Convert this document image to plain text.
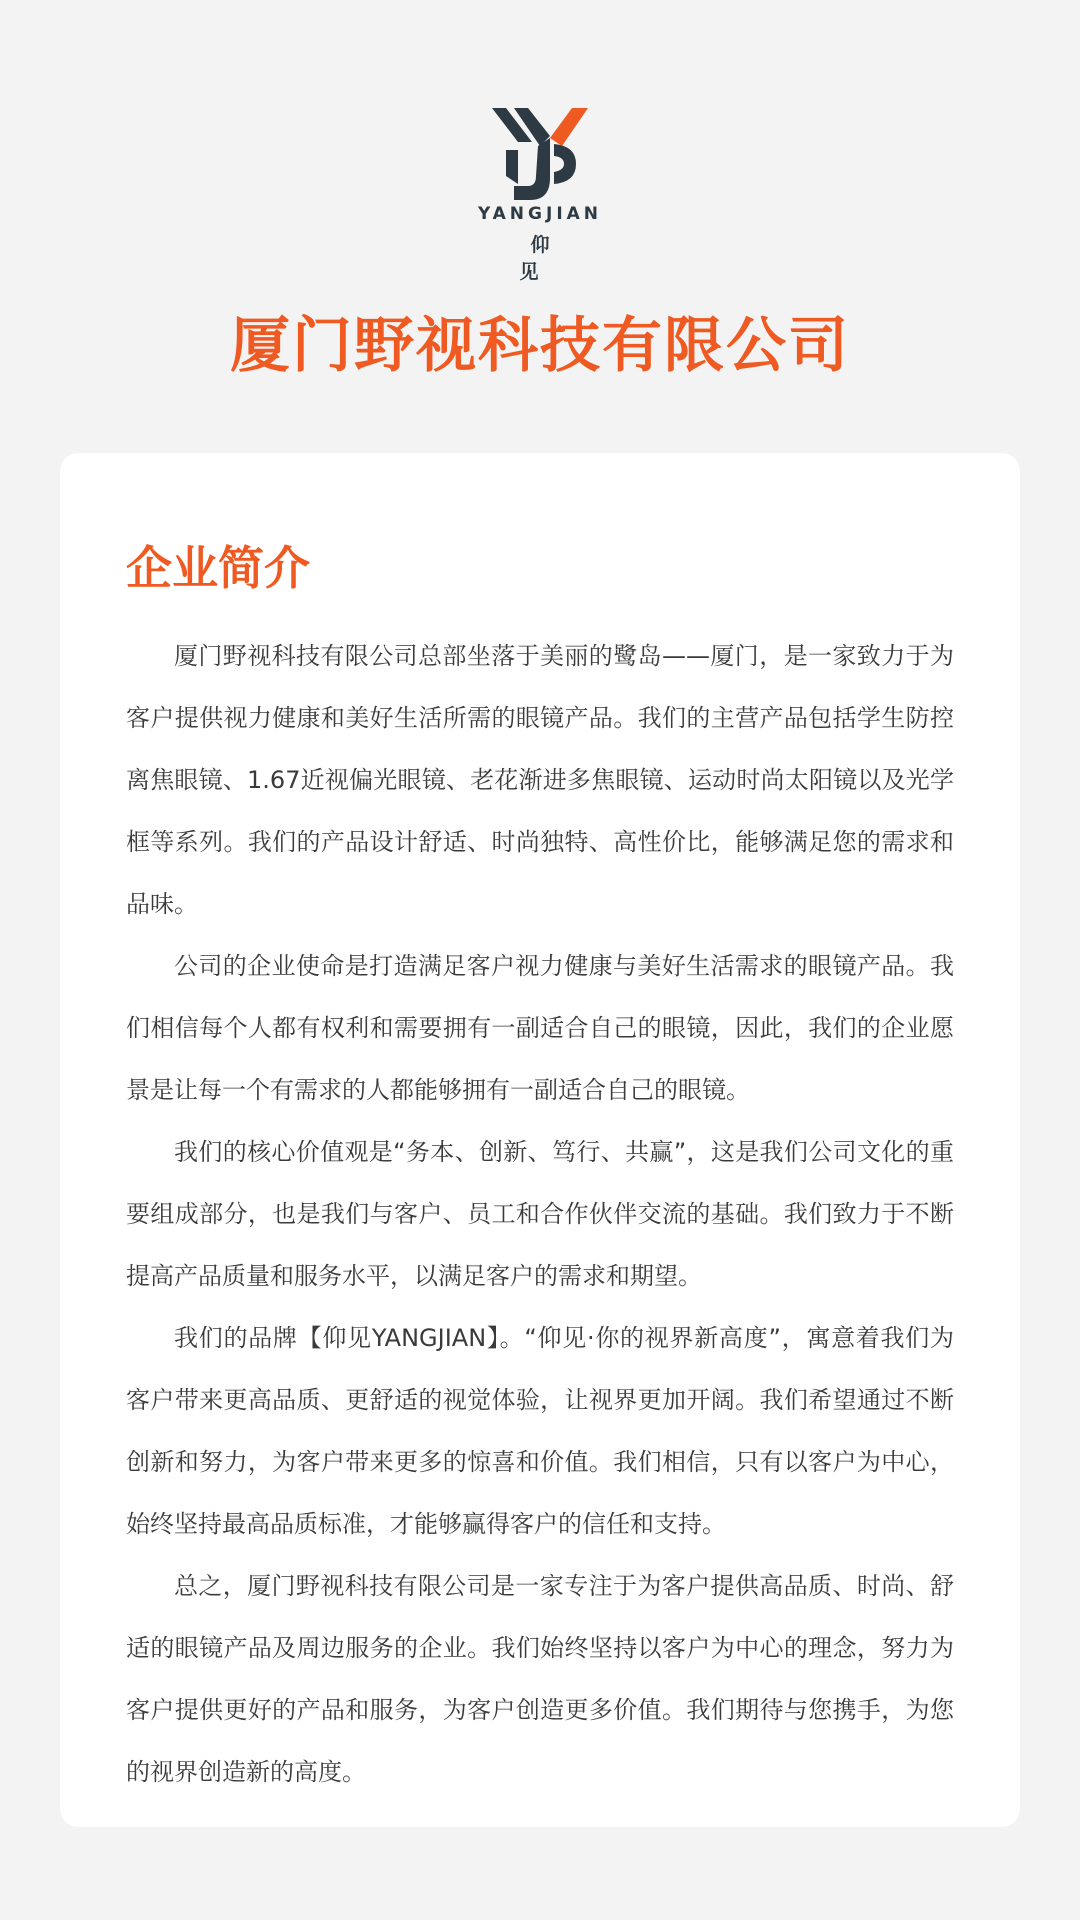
YANGJIAN
仰 见
厦门野视科技有限公司
企业简介

厦门野视科技有限公司总部坐落于美丽的鹭岛——厦门，是一家致力于为客户提供视力健康和美好生活所需的眼镜产品。我们的主营产品包括学生防控离焦眼镜、1.67近视偏光眼镜、老花渐进多焦眼镜、运动时尚太阳镜以及光学框等系列。我们的产品设计舒适、时尚独特、高性价比，能够满足您的需求和品味。

公司的企业使命是打造满足客户视力健康与美好生活需求的眼镜产品。我们相信每个人都有权利和需要拥有一副适合自己的眼镜，因此，我们的企业愿景是让每一个有需求的人都能够拥有一副适合自己的眼镜。

我们的核心价值观是“务本、创新、笃行、共赢”，这是我们公司文化的重要组成部分，也是我们与客户、员工和合作伙伴交流的基础。我们致力于不断提高产品质量和服务水平，以满足客户的需求和期望。

我们的品牌【仰见YANGJIAN】。“仰见·你的视界新高度”，寓意着我们为客户带来更高品质、更舒适的视觉体验，让视界更加开阔。我们希望通过不断创新和努力，为客户带来更多的惊喜和价值。我们相信，只有以客户为中心，始终坚持最高品质标准，才能够赢得客户的信任和支持。

总之，厦门野视科技有限公司是一家专注于为客户提供高品质、时尚、舒适的眼镜产品及周边服务的企业。我们始终坚持以客户为中心的理念，努力为客户提供更好的产品和服务，为客户创造更多价值。我们期待与您携手，为您的视界创造新的高度。
